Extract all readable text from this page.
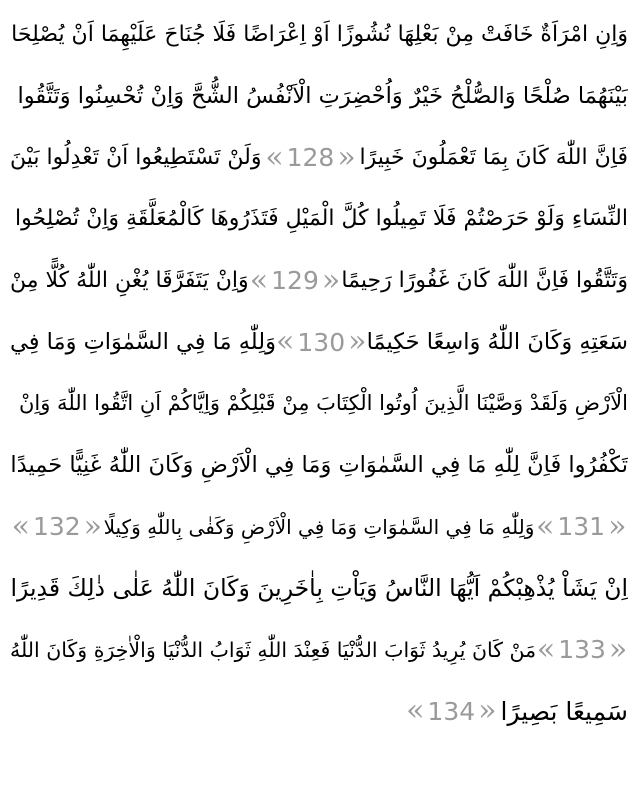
وَاِنِ امْرَاَةٌ خَافَتْ مِنْ بَعْلِهَا نُشُوزًا اَوْ اِعْرَاضًا فَلَا جُنَاحَ عَلَيْهِمَا اَنْ يُصْلِحَا
بَيْنَهُمَا صُلْحًا وَالصُّلْحُ خَيْرٌ وَاُحْضِرَتِ الْاَنْفُسُ الشُّحَّ وَاِنْ تُحْسِنُوا وَتَتَّقُوا
فَاِنَّ اللّٰهَ كَانَ بِمَا تَعْمَلُونَ خَبِيرًا
« 128 »
وَلَنْ تَسْتَطِيعُوا اَنْ تَعْدِلُوا بَيْنَ
النِّسَاءِ وَلَوْ حَرَصْتُمْ فَلَا تَمِيلُوا كُلَّ الْمَيْلِ فَتَذَرُوهَا كَالْمُعَلَّقَةِ وَاِنْ تُصْلِحُوا
وَتَتَّقُوا فَاِنَّ اللّٰهَ كَانَ غَفُورًا رَحِيمًا
« 129 »
وَاِنْ يَتَفَرَّقَا يُغْنِ اللّٰهُ كُلًّا مِنْ
سَعَتِهِ وَكَانَ اللّٰهُ وَاسِعًا حَكِيمًا
« 130 »
وَلِلّٰهِ مَا فِي السَّمٰوَاتِ وَمَا فِي
الْاَرْضِ وَلَقَدْ وَصَّيْنَا الَّذِينَ اُوتُوا الْكِتَابَ مِنْ قَبْلِكُمْ وَاِيَّاكُمْ اَنِ اتَّقُوا اللّٰهَ وَاِنْ
تَكْفُرُوا فَاِنَّ لِلّٰهِ مَا فِي السَّمٰوَاتِ وَمَا فِي الْاَرْضِ وَكَانَ اللّٰهُ غَنِيًّا حَمِيدًا
« 131 »
وَلِلّٰهِ مَا فِي السَّمٰوَاتِ وَمَا فِي الْاَرْضِ وَكَفٰى بِاللّٰهِ وَكِيلًا
« 132 »
اِنْ يَشَاْ يُذْهِبْكُمْ اَيُّهَا النَّاسُ وَيَاْتِ بِاٰخَرِينَ وَكَانَ اللّٰهُ عَلٰى ذٰلِكَ قَدِيرًا
« 133 »
مَنْ كَانَ يُرِيدُ ثَوَابَ الدُّنْيَا فَعِنْدَ اللّٰهِ ثَوَابُ الدُّنْيَا وَالْاٰخِرَةِ وَكَانَ اللّٰهُ
سَمِيعًا بَصِيرًا
« 134 »
